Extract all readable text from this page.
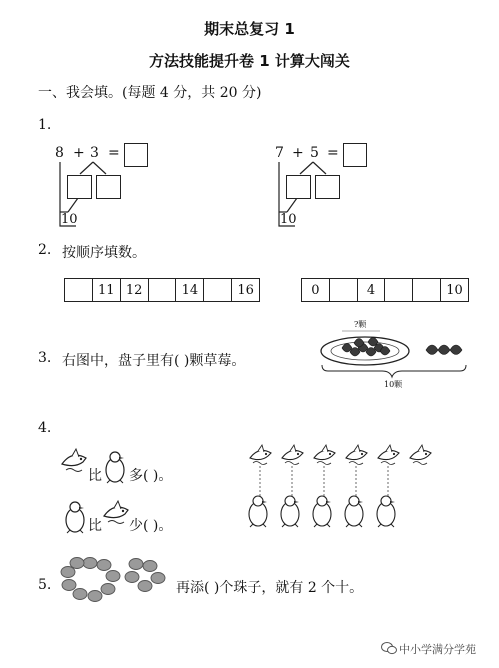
期末总复习 1
方法技能提升卷 1 计算大闯关
一、我会填。(每题 4 分，共 20 分)
1.
8 + 3 =
10
7 + 5 =
10
2. 按顺序填数。
11 12	14	16	0	4	10
3. 右图中，盘子里有( )颗草莓。
?颗
10颗
4.
比 多( )。
比 少( )。
5.	再添( )个珠子，就有 2 个十。
中小学满分学苑
